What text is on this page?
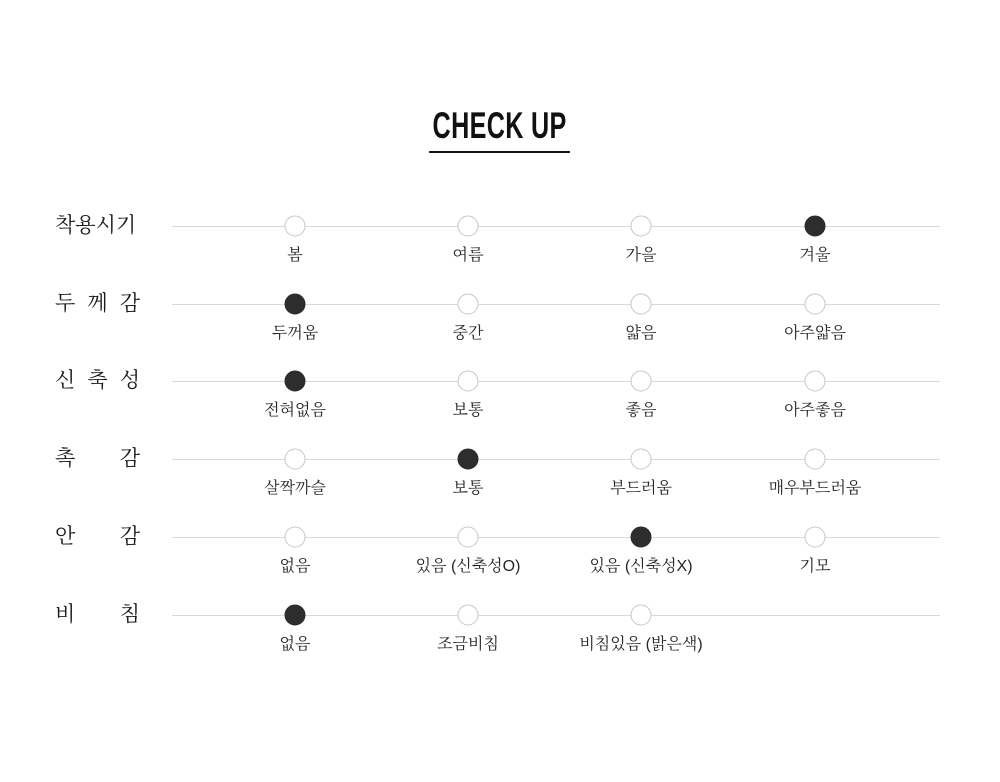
CHECK UP
착용시기
봄	여름	가을	겨울
두 께 감
두꺼움	중간	얇음	아주얇음
신 축 성
전혀없음	보통	좋음	아주좋음
촉 감
살짝까슬	보통	부드러움	매우부드러움
안 감
없음	있음 (신축성O)	있음 (신축성X)	기모
비 침
없음	조금비침	비침있음 (밝은색)
